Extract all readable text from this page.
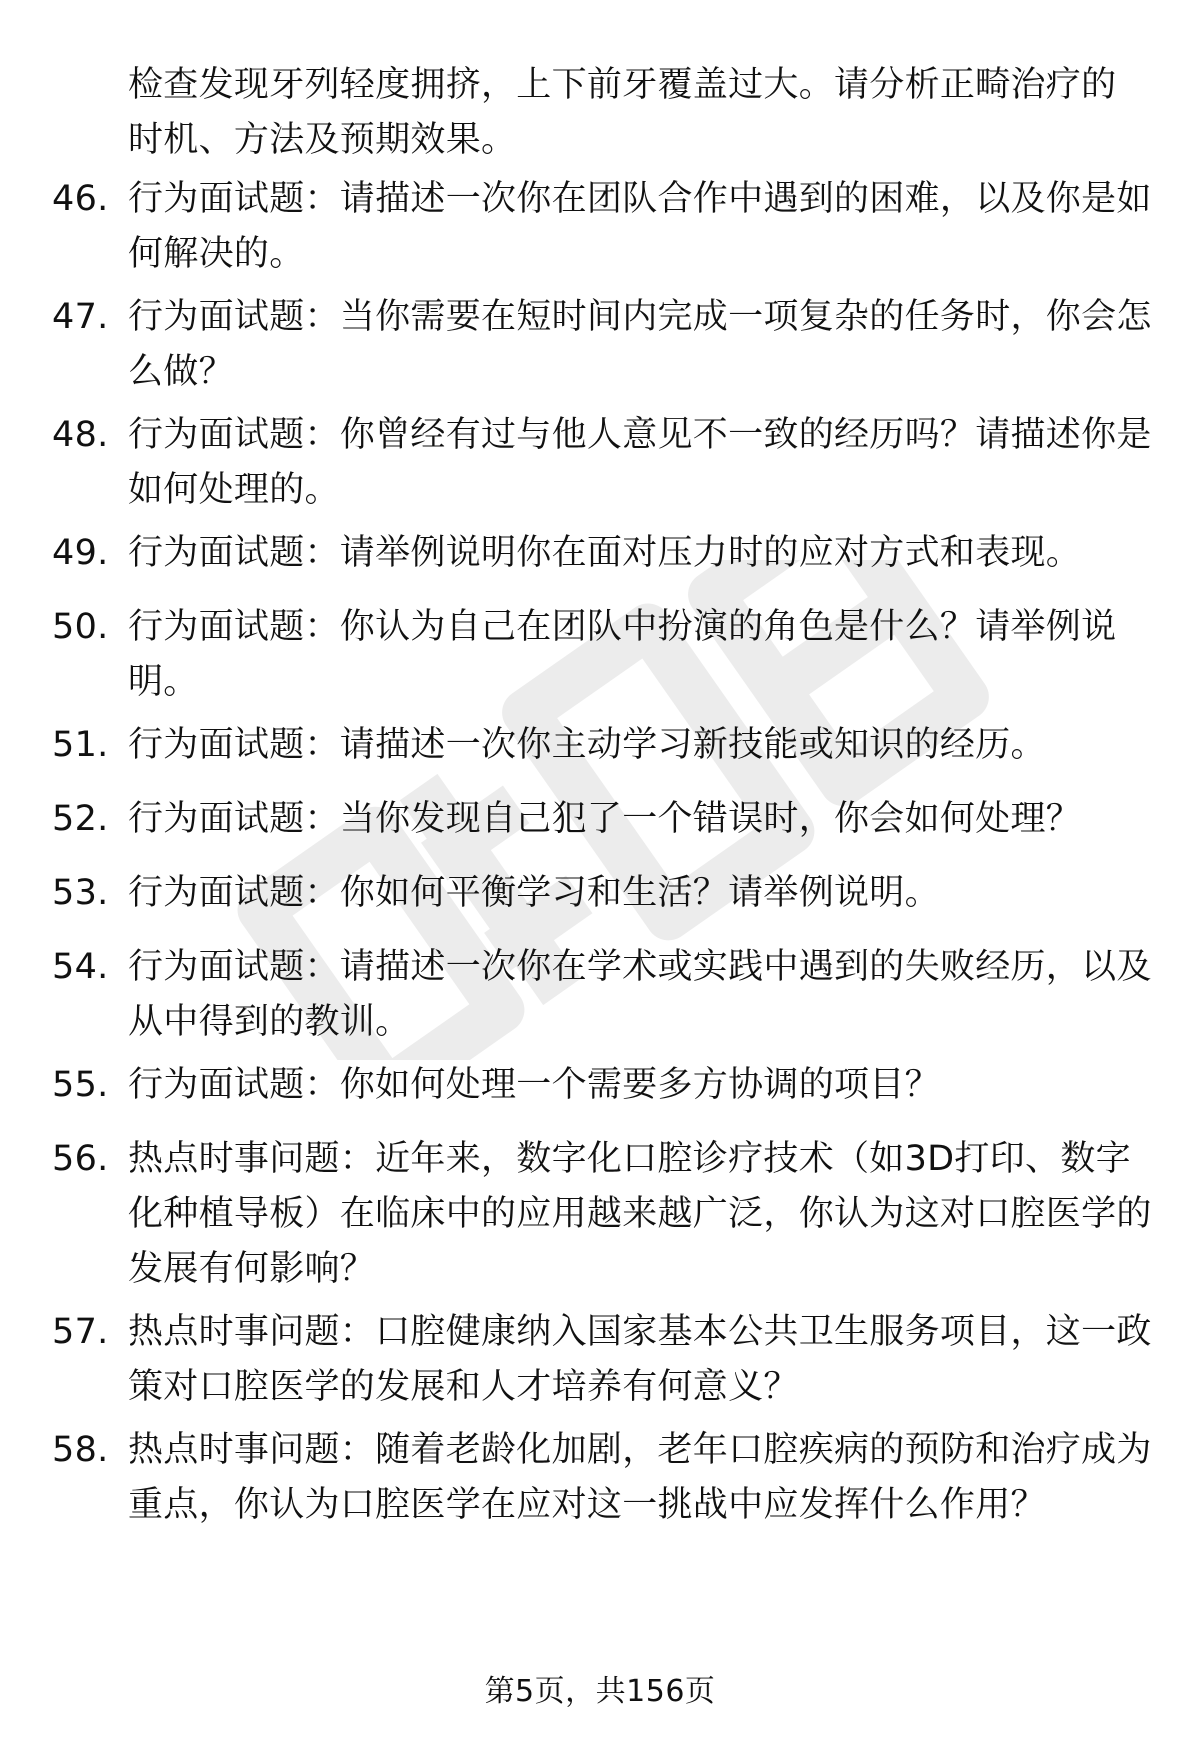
检查发现牙列轻度拥挤，上下前牙覆盖过大。请分析正畸治疗的时机、方法及预期效果。
46. 行为面试题：请描述一次你在团队合作中遇到的困难，以及你是如何解决的。
47. 行为面试题：当你需要在短时间内完成一项复杂的任务时，你会怎么做？
48. 行为面试题：你曾经有过与他人意见不一致的经历吗？请描述你是如何处理的。
49. 行为面试题：请举例说明你在面对压力时的应对方式和表现。
50. 行为面试题：你认为自己在团队中扮演的角色是什么？请举例说明。
51. 行为面试题：请描述一次你主动学习新技能或知识的经历。
52. 行为面试题：当你发现自己犯了一个错误时，你会如何处理？
53. 行为面试题：你如何平衡学习和生活？请举例说明。
54. 行为面试题：请描述一次你在学术或实践中遇到的失败经历，以及从中得到的教训。
55. 行为面试题：你如何处理一个需要多方协调的项目？
56. 热点时事问题：近年来，数字化口腔诊疗技术（如3D打印、数字化种植导板）在临床中的应用越来越广泛，你认为这对口腔医学的发展有何影响？
57. 热点时事问题：口腔健康纳入国家基本公共卫生服务项目，这一政策对口腔医学的发展和人才培养有何意义？
58. 热点时事问题：随着老龄化加剧，老年口腔疾病的预防和治疗成为重点，你认为口腔医学在应对这一挑战中应发挥什么作用？
第5页，共156页
